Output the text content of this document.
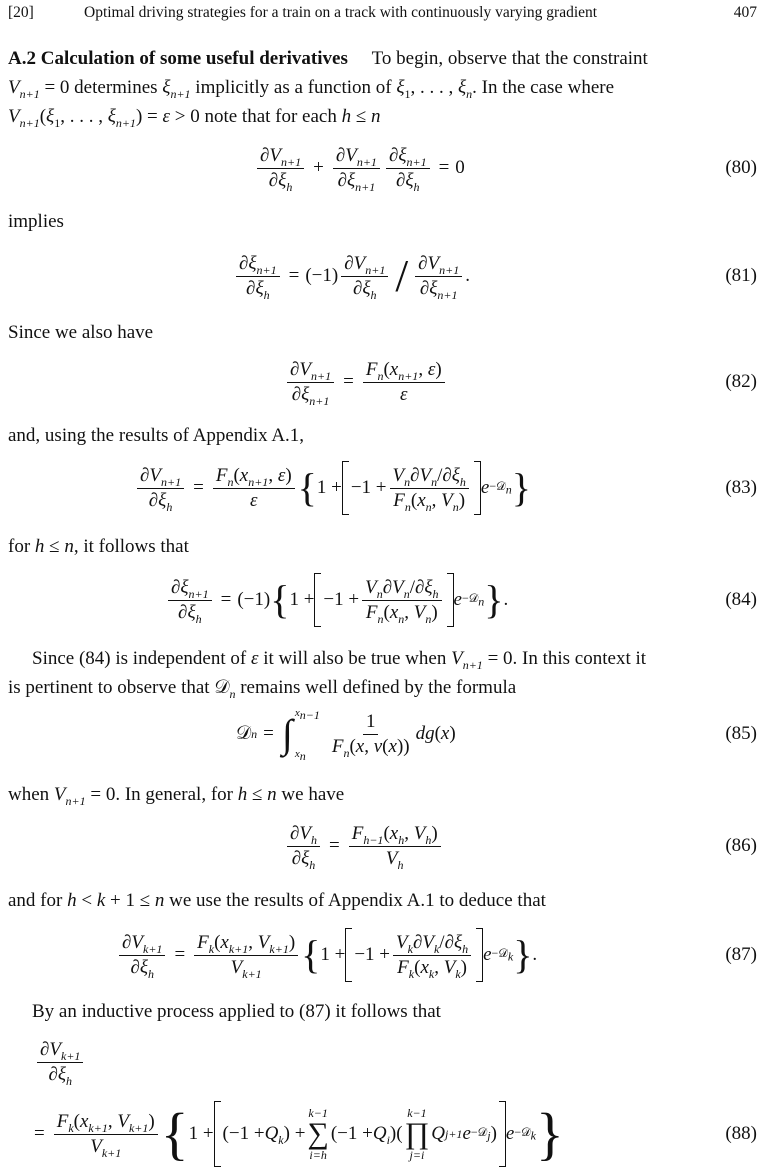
[20]	Optimal driving strategies for a train on a track with continuously varying gradient	407
A.2 Calculation of some useful derivatives To begin, observe that the constraint
$V_{n+1} = 0$ determines $\xi_{n+1}$ implicitly as a function of $\xi_1$, . . . , $\xi_n$. In the case where
$V_{n+1}(\xi_1$, . . . , $\xi_{n+1}) = \varepsilon > 0$ note that for each h ≤ n
$\frac{\partial V_{n+1}}{\partial\xi_h} + \frac{\partial V_{n+1}}{\partial\xi_{n+1}} \frac{\partial\xi_{n+1}}{\partial\xi_h} = 0$	(80)
implies
$\frac{\partial\xi_{n+1}}{\partial\xi_h} = (-1) \frac{\partial V_{n+1}}{\partial\xi_h} / \frac{\partial V_{n+1}}{\partial\xi_{n+1}}$ .	(81)
Since we also have
$\frac{\partial V_{n+1}}{\partial\xi_{n+1}} = \frac{F_n(x_{n+1}, \varepsilon)}{\varepsilon}$	(82)
and, using the results of Appendix A.1,
$\frac{\partial V_{n+1}}{\partial\xi_h} = \frac{F_n(x_{n+1}, \varepsilon)}{\varepsilon}$ { 1 +
$-1 + \frac{V_n\partial V_n/\partial\xi_h}{F_n(x_n, V_n)}$ e −𝒟$_n$ }	(83)
for h ≤ n, it follows that
$\frac{\partial\xi_{n+1}}{\partial\xi_h} = (-1)$ { 1 +
$-1 + \frac{V_n\partial V_n/\partial\xi_h}{F_n(x_n, V_n)}$ e −𝒟$_n$ } .	(84)
Since (84) is independent of ε it will also be true when $V_{n+1} = 0$. In this context it
is pertinent to observe that 𝒟$_n$ remains well defined by the formula
𝒟 n = ∫ $x_{n-1}$
$x_n$	$\frac{1}{F_n(x, v(x))}$ dg ( x )	(85)
when $V_{n+1} = 0$. In general, for h ≤ n we have
$\frac{\partial V_h}{\partial\xi_h} = \frac{F_{h-1}(x_h, V_h)}{V_h}$	(86)
and for h < k + 1 ≤ n we use the results of Appendix A.1 to deduce that
$\frac{\partial V_{k+1}}{\partial\xi_h} = \frac{F_k(x_{k+1}, V_{k+1})}{V_{k+1}}$ { 1 +
$-1 + \frac{V_k\partial V_k/\partial\xi_h}{F_k(x_k, V_k)}$ e −𝒟$_k$ } .	(87)
By an inductive process applied to (87) it follows that
$\frac{\partial V_{k+1}}{\partial\xi_h}$
= $\frac{F_k(x_{k+1}, V_{k+1})}{V_{k+1}}$ { 1 +
($-1 + Q_k$ ) +
k−1
∑
i=h
($-1 + Q_i$ )(
k−1
∏
j=i
Q j+1 e −𝒟$_j$ ) e −𝒟$_k$ }	(88)
